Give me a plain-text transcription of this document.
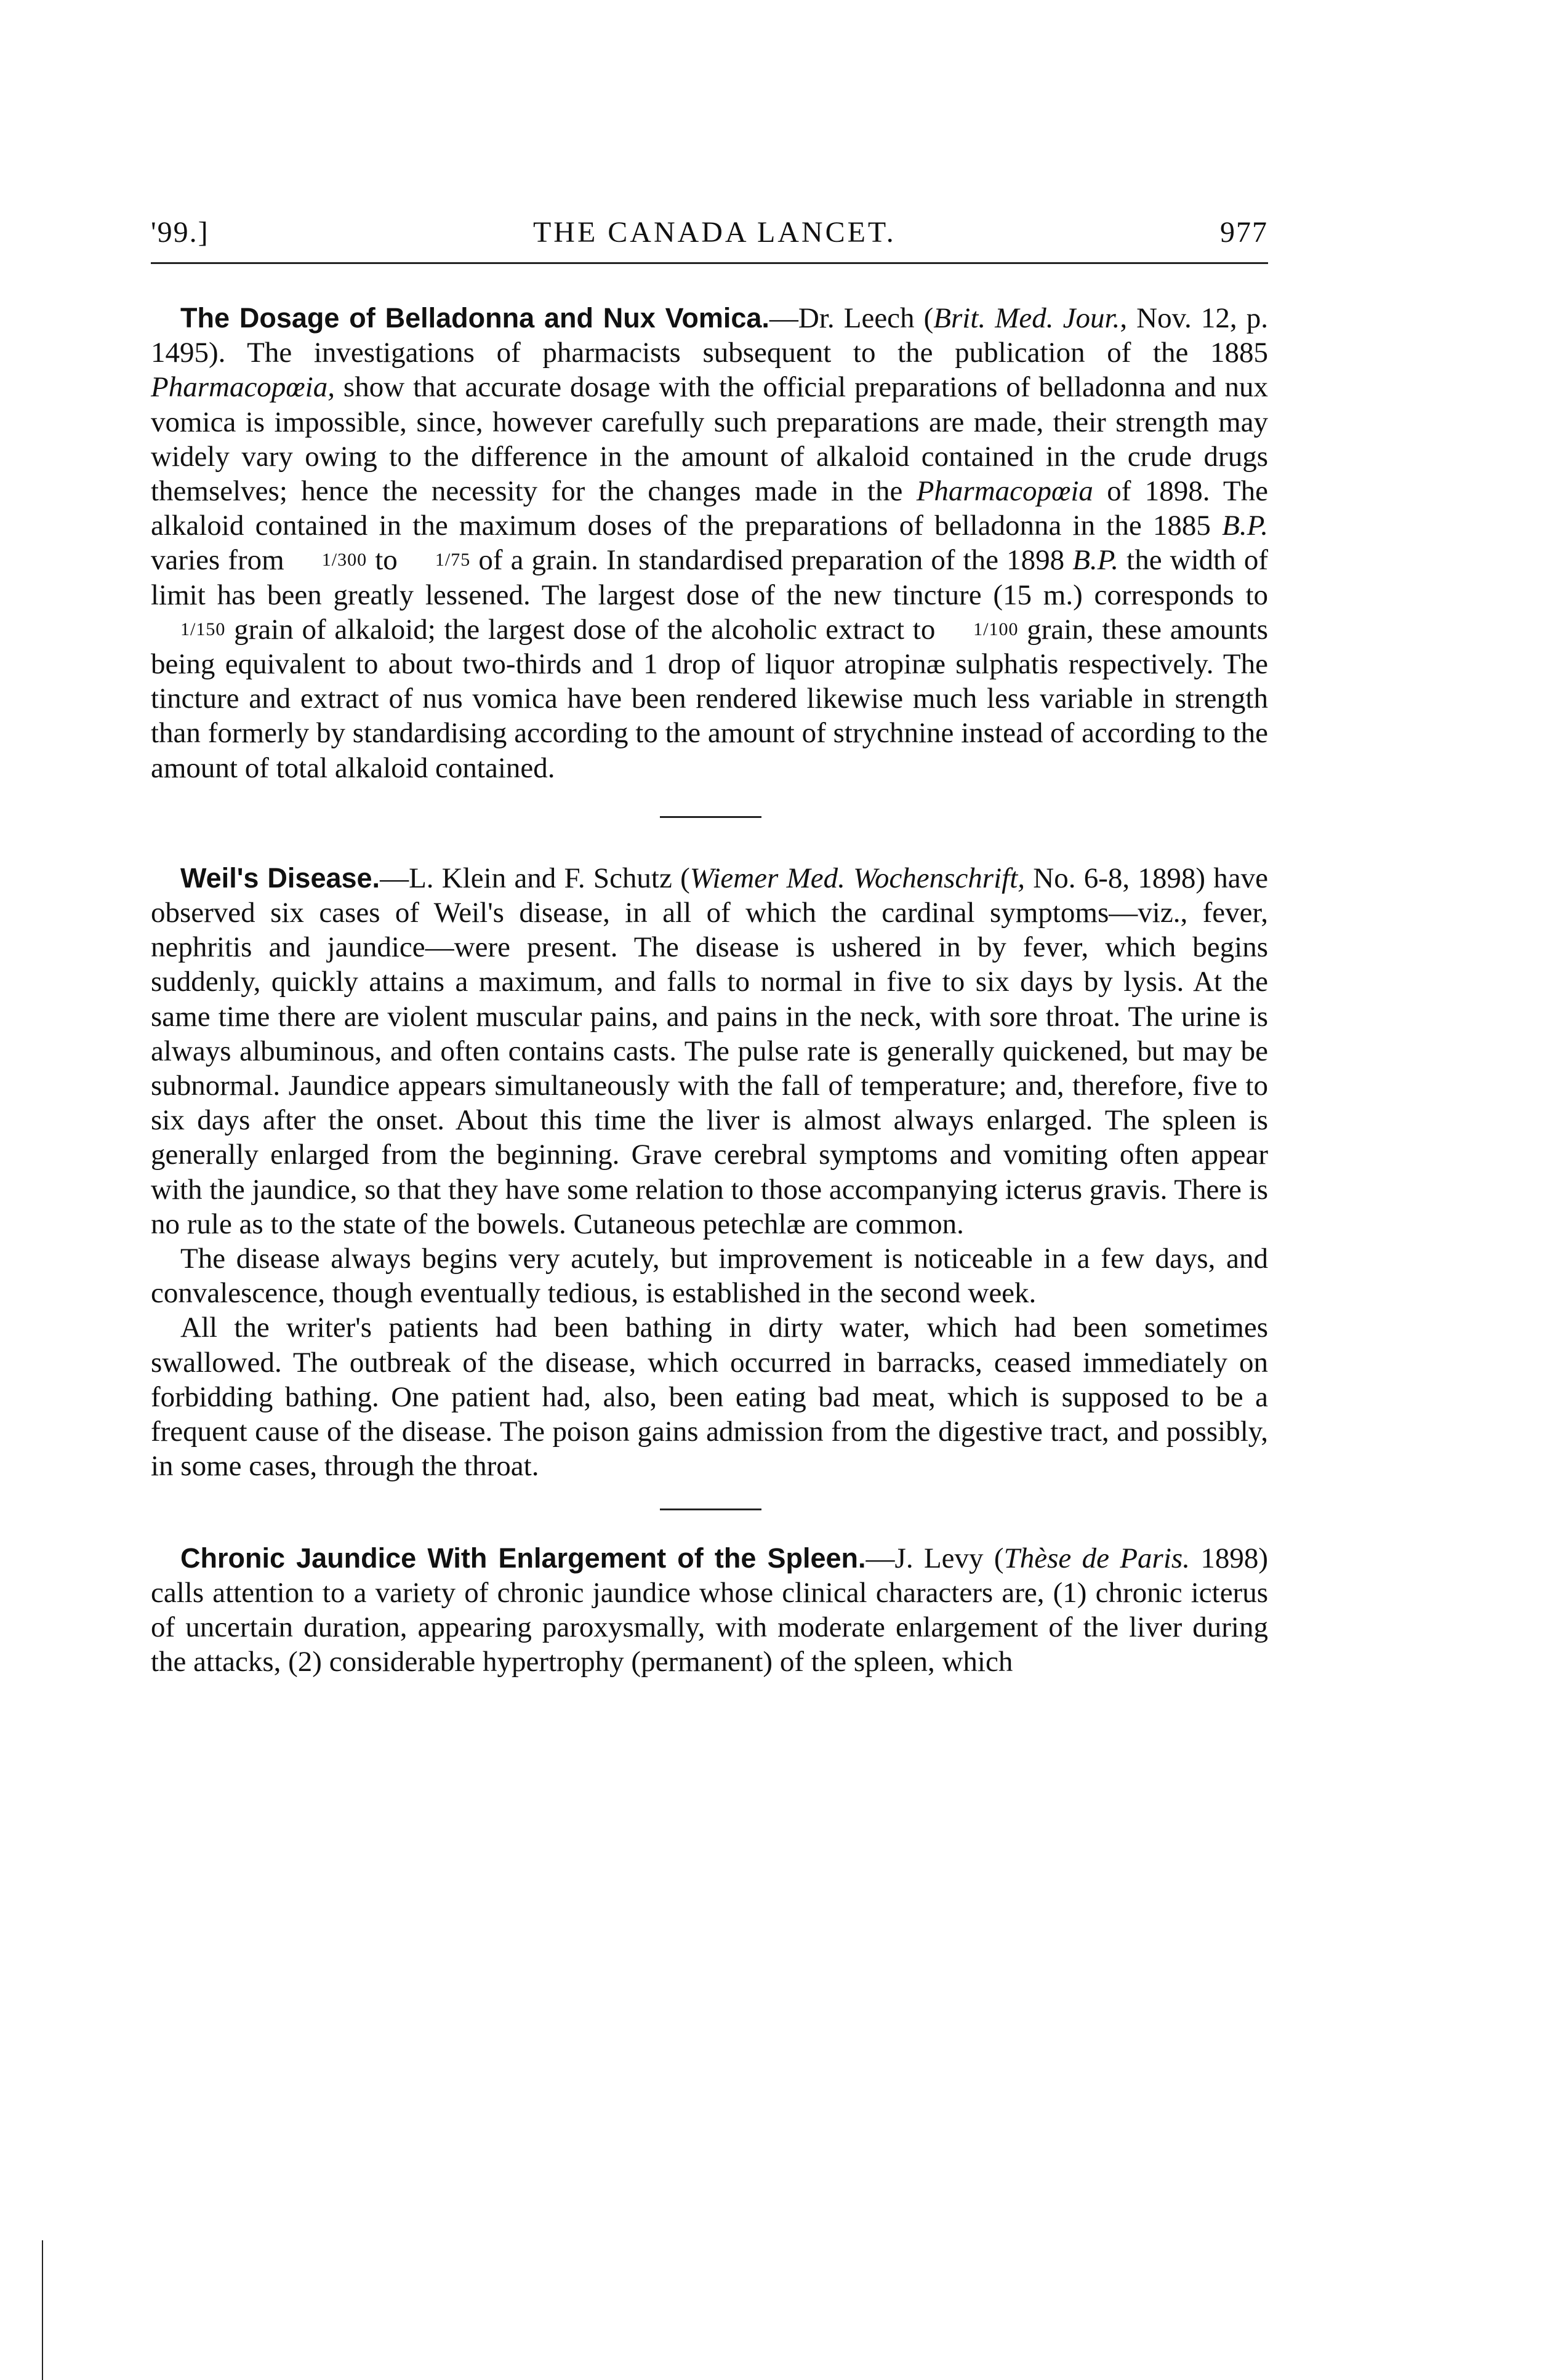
'99.]	THE CANADA LANCET.	977

The Dosage of Belladonna and Nux Vomica.—Dr. Leech (Brit. Med. Jour., Nov. 12, p. 1495). The investigations of pharmacists subsequent to the publication of the 1885 Pharmacopœia, show that accurate dosage with the official preparations of belladonna and nux vomica is impossible, since, however carefully such preparations are made, their strength may widely vary owing to the difference in the amount of alkaloid contained in the crude drugs themselves; hence the necessity for the changes made in the Pharmacopœia of 1898. The alkaloid contained in the maximum doses of the preparations of belladonna in the 1885 B.P. varies from 1/300 to 1/75 of a grain. In standardised preparation of the 1898 B.P. the width of limit has been greatly lessened. The largest dose of the new tincture (15 m.) corresponds to 1/150 grain of alkaloid; the largest dose of the alcoholic extract to 1/100 grain, these amounts being equivalent to about two-thirds and 1 drop of liquor atropinæ sulphatis respectively. The tincture and extract of nus vomica have been rendered likewise much less variable in strength than formerly by standardising according to the amount of strychnine instead of according to the amount of total alkaloid contained.

Weil's Disease.—L. Klein and F. Schutz (Wiemer Med. Wochenschrift, No. 6-8, 1898) have observed six cases of Weil's disease, in all of which the cardinal symptoms—viz., fever, nephritis and jaundice—were present. The disease is ushered in by fever, which begins suddenly, quickly attains a maximum, and falls to normal in five to six days by lysis. At the same time there are violent muscular pains, and pains in the neck, with sore throat. The urine is always albuminous, and often contains casts. The pulse rate is generally quickened, but may be subnormal. Jaundice appears simultaneously with the fall of temperature; and, therefore, five to six days after the onset. About this time the liver is almost always enlarged. The spleen is generally enlarged from the beginning. Grave cerebral symptoms and vomiting often appear with the jaundice, so that they have some relation to those accompanying icterus gravis. There is no rule as to the state of the bowels. Cutaneous petechlæ are common.

The disease always begins very acutely, but improvement is noticeable in a few days, and convalescence, though eventually tedious, is established in the second week.

All the writer's patients had been bathing in dirty water, which had been sometimes swallowed. The outbreak of the disease, which occurred in barracks, ceased immediately on forbidding bathing. One patient had, also, been eating bad meat, which is supposed to be a frequent cause of the disease. The poison gains admission from the digestive tract, and possibly, in some cases, through the throat.

Chronic Jaundice With Enlargement of the Spleen.—J. Levy (Thèse de Paris. 1898) calls attention to a variety of chronic jaundice whose clinical characters are, (1) chronic icterus of uncertain duration, appearing paroxysmally, with moderate enlargement of the liver during the attacks, (2) considerable hypertrophy (permanent) of the spleen, which
